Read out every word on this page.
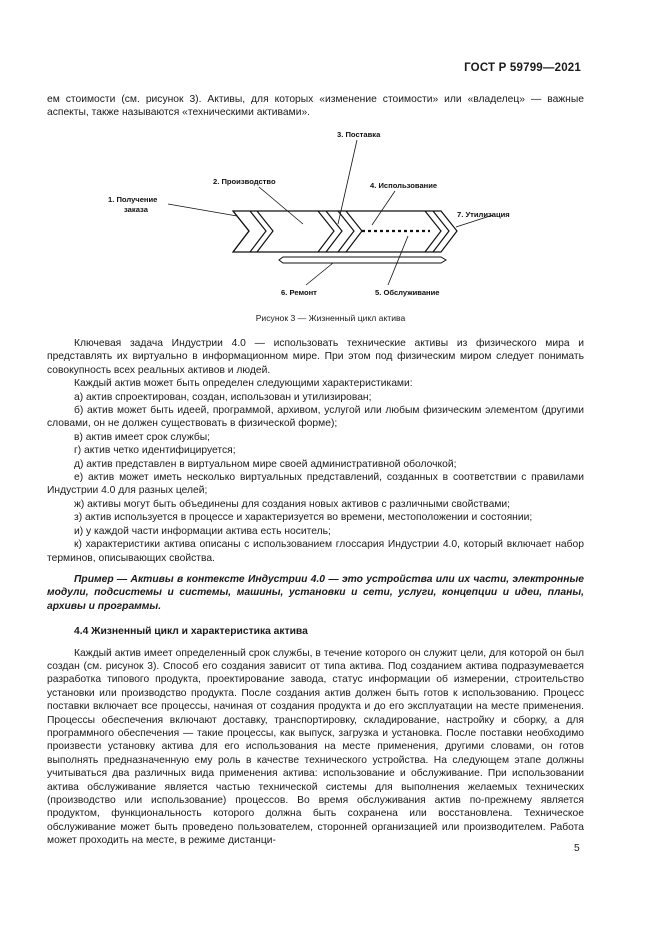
ГОСТ Р 59799—2021

ем стоимости (см. рисунок 3). Активы, для которых «изменение стоимости» или «владелец» — важные аспекты, также называются «техническими активами».

1. Получение
заказа
2. Производство
3. Поставка
4. Использование
7. Утилизация
6. Ремонт	5. Обслуживание
Рисунок 3 — Жизненный цикл актива

Ключевая задача Индустрии 4.0 — использовать технические активы из физического мира и представлять их виртуально в информационном мире. При этом под физическим миром следует понимать совокупность всех реальных активов и людей.

Каждый актив может быть определен следующими характеристиками:

а) актив спроектирован, создан, использован и утилизирован;

б) актив может быть идеей, программой, архивом, услугой или любым физическим элементом (другими словами, он не должен существовать в физической форме);

в) актив имеет срок службы;

г) актив четко идентифицируется;

д) актив представлен в виртуальном мире своей административной оболочкой;

е) актив может иметь несколько виртуальных представлений, созданных в соответствии с правилами Индустрии 4.0 для разных целей;

ж) активы могут быть объединены для создания новых активов с различными свойствами;

з) актив используется в процессе и характеризуется во времени, местоположении и состоянии;

и) у каждой части информации актива есть носитель;

к) характеристики актива описаны с использованием глоссария Индустрии 4.0, который включает набор терминов, описывающих свойства.

Пример — Активы в контексте Индустрии 4.0 — это устройства или их части, электронные модули, подсистемы и системы, машины, установки и сети, услуги, концепции и идеи, планы, архивы и программы.

4.4 Жизненный цикл и характеристика актива

Каждый актив имеет определенный срок службы, в течение которого он служит цели, для которой он был создан (см. рисунок 3). Способ его создания зависит от типа актива. Под созданием актива подразумевается разработка типового продукта, проектирование завода, статус информации об измерении, строительство установки или производство продукта. После создания актив должен быть готов к использованию. Процесс поставки включает все процессы, начиная от создания продукта и до его эксплуатации на месте применения. Процессы обеспечения включают доставку, транспортировку, складирование, настройку и сборку, а для программного обеспечения — такие процессы, как выпуск, загрузка и установка. После поставки необходимо произвести установку актива для его использования на месте применения, другими словами, он готов выполнять предназначенную ему роль в качестве технического устройства. На следующем этапе должны учитываться два различных вида применения актива: использование и обслуживание. При использовании актива обслуживание является частью технической системы для выполнения желаемых технических (производство или использование) процессов. Во время обслуживания актив по-прежнему является продуктом, функциональность которого должна быть сохранена или восстановлена. Техническое обслуживание может быть проведено пользователем, сторонней организацией или производителем. Работа может проходить на месте, в режиме дистанци-

5
